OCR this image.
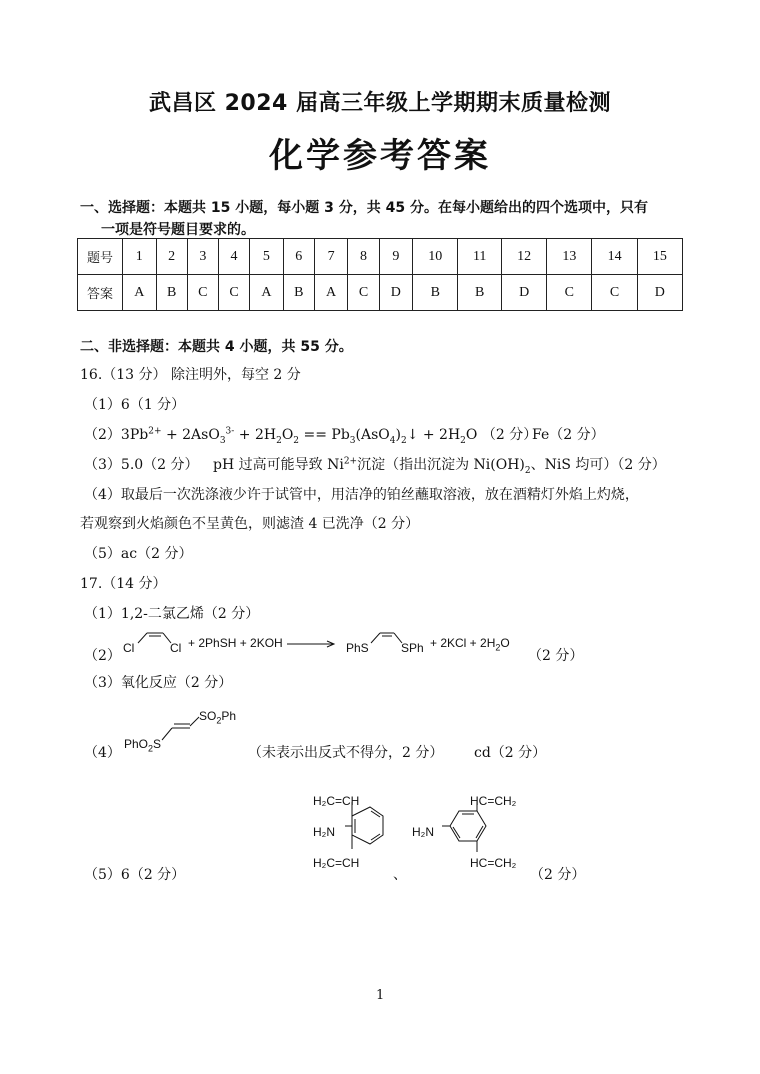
武昌区 2024 届高三年级上学期期末质量检测
化学参考答案
一、选择题：本题共 15 小题，每小题 3 分，共 45 分。在每小题给出的四个选项中，只有
一项是符号题目要求的。
题号	1	2	3	4	5	6	7	8	9	10	11	12	13	14	15
答案	A	B	C	C	A	B	A	C	D	B	B	D	C	C	D
二、非选择题：本题共 4 小题，共 55 分。
16.（13 分） 除注明外，每空 2 分
（1）6（1 分）
$(2)3Pb^{2+} + 2AsO_3^{3-} + 2H_2O_2$ == $Pb_3(AsO_4)_2↓ + 2H_2O$ （2 分）
Fe（2 分）
（3）5.0（2 分） pH 过高可能导致 $Ni^{2+}$沉淀（指出沉淀为 $Ni(OH)_2$、NiS 均可）（2 分）
（4）取最后一次洗涤液少许于试管中，用洁净的铂丝蘸取溶液，放在酒精灯外焰上灼烧，
若观察到火焰颜色不呈黄色，则滤渣 4 已洗净（2 分）
（5）ac（2 分）
17.（14 分）
（1）1,2-二氯乙烯（2 分）
（2） Cl	Cl + 2PhSH + 2KOH → PhS	SPh + $2KCl + 2H_2O$
（2 分）
（3）氧化反应（2 分）
（4）
$SO_2Ph$
PhO$_2$S
（未表示出反式不得分，2 分） cd（2 分）
（5）6（2 分）
H₂C=CH
H₂N
H₂C=CH
、
HC=CH₂
H₂N
HC=CH₂
（2 分）
1
